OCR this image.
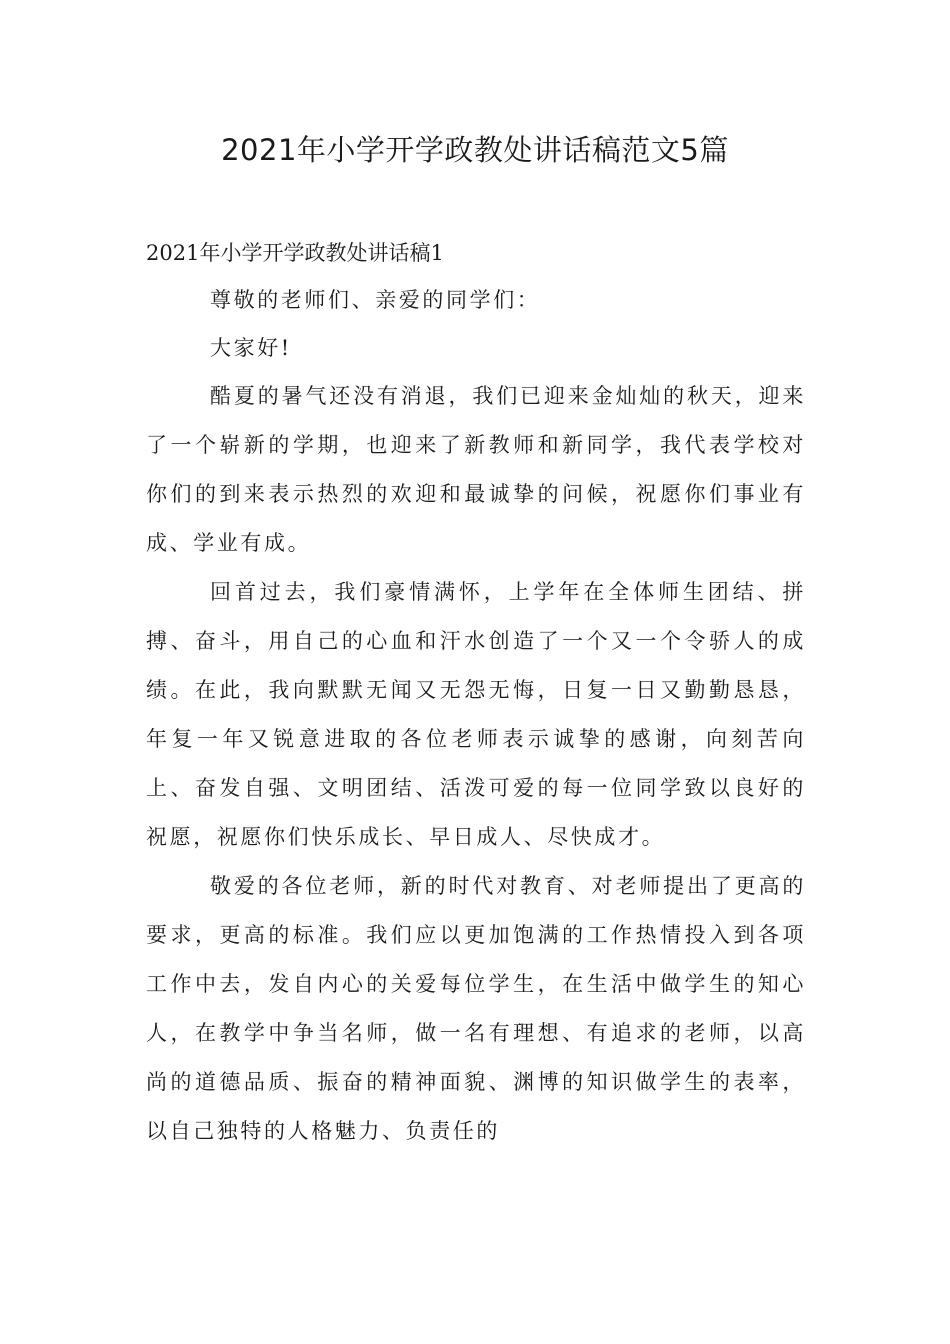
2021年小学开学政教处讲话稿范文5篇

2021年小学开学政教处讲话稿1

尊敬的老师们、亲爱的同学们：

大家好!

酷夏的暑气还没有消退，我们已迎来金灿灿的秋天，迎来了一个崭新的学期，也迎来了新教师和新同学，我代表学校对你们的到来表示热烈的欢迎和最诚挚的问候，祝愿你们事业有成、学业有成。

回首过去，我们豪情满怀，上学年在全体师生团结、拼搏、奋斗，用自己的心血和汗水创造了一个又一个令骄人的成绩。在此，我向默默无闻又无怨无悔，日复一日又勤勤恳恳，年复一年又锐意进取的各位老师表示诚挚的感谢，向刻苦向上、奋发自强、文明团结、活泼可爱的每一位同学致以良好的祝愿，祝愿你们快乐成长、早日成人、尽快成才。

敬爱的各位老师，新的时代对教育、对老师提出了更高的要求，更高的标准。我们应以更加饱满的工作热情投入到各项工作中去，发自内心的关爱每位学生，在生活中做学生的知心人，在教学中争当名师，做一名有理想、有追求的老师，以高尚的道德品质、振奋的精神面貌、渊博的知识做学生的表率，以自己独特的人格魅力、负责任的
